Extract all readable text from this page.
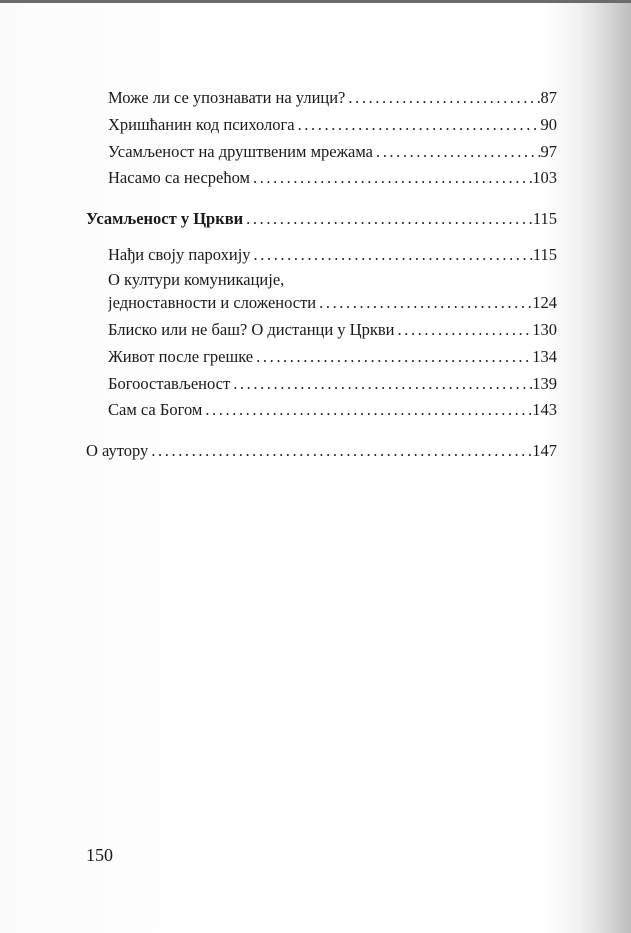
Може ли се упознавати на улици? .....	87
Хришћанин код психолога .....	90
Усамљеност на друштвеним мрежама .....	97
Насамо са несрећом .....	103
Усамљеност у Цркви .....	115
Нађи своју парохију .....	115
О култури комуникације,
једноставности и сложености .....	124
Блиско или не баш? О дистанци у Цркви .....	130
Живот после грешке .....	134
Богоостављеност .....	139
Сам са Богом .....	143
О аутору .....	147
150
